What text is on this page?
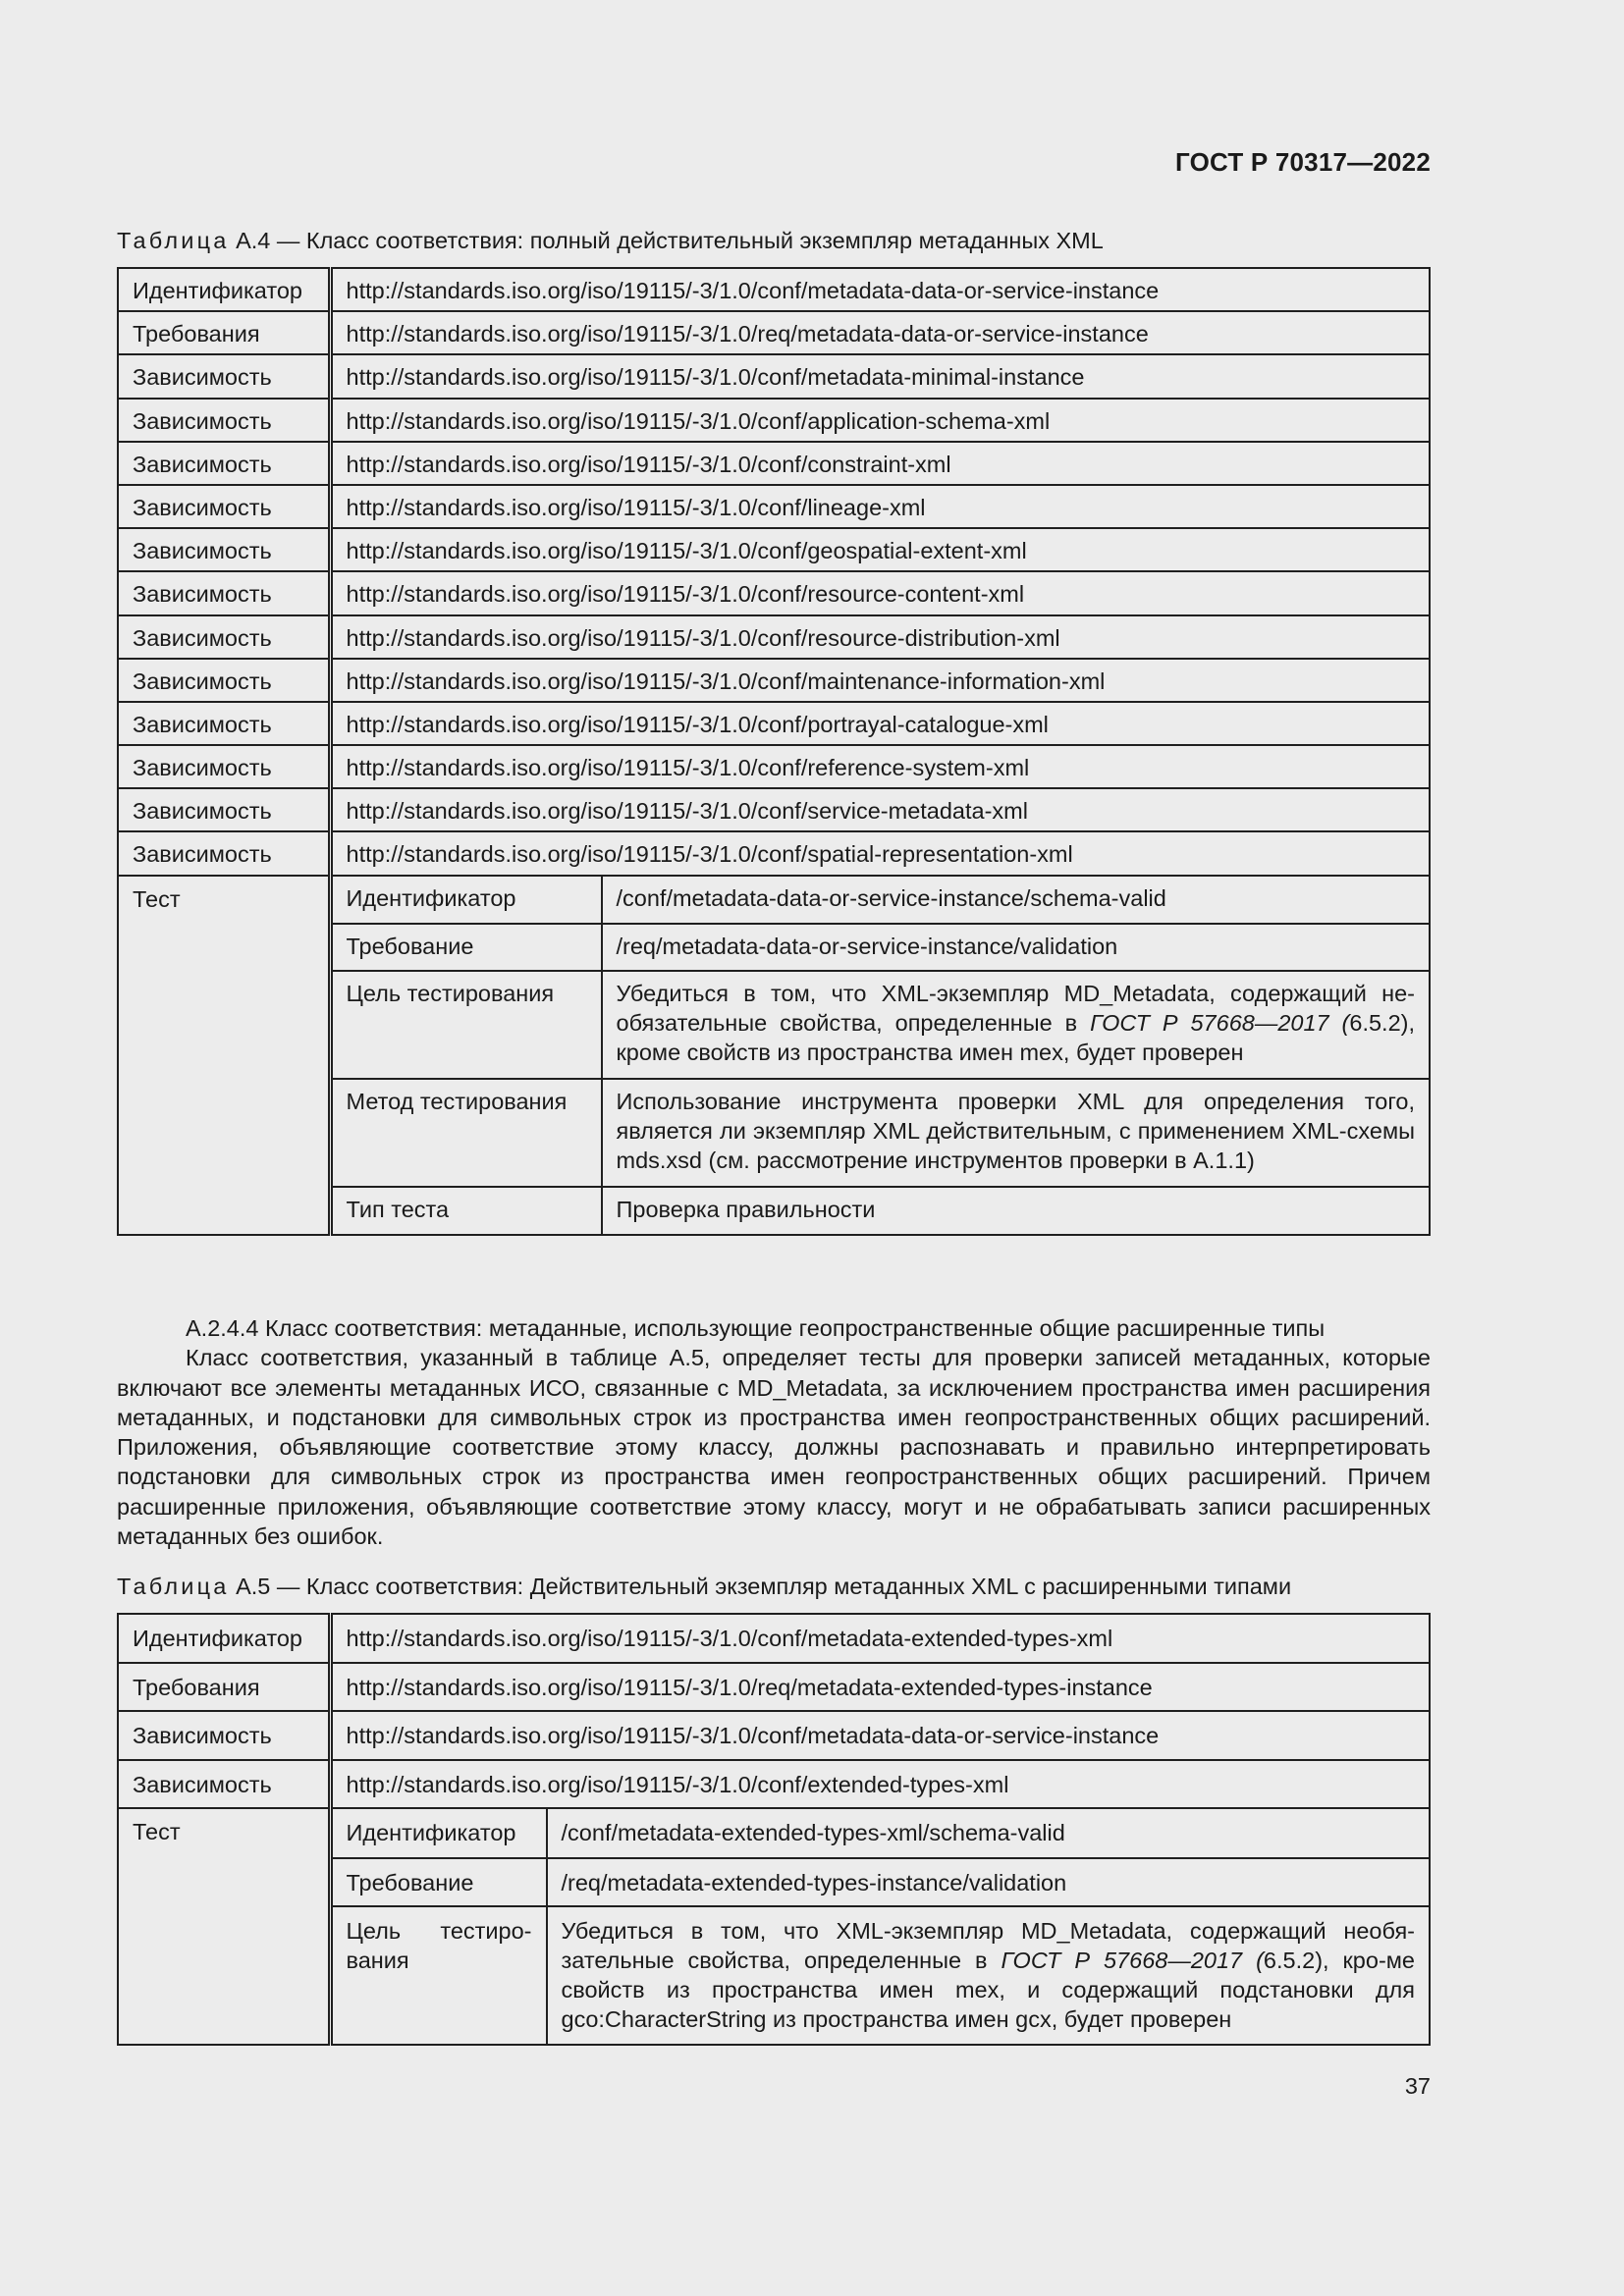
ГОСТ Р 70317—2022
Таблица А.4 — Класс соответствия: полный действительный экземпляр метаданных XML
Идентификатор	http://standards.iso.org/iso/19115/-3/1.0/conf/metadata-data-or-service-instance
Требования	http://standards.iso.org/iso/19115/-3/1.0/req/metadata-data-or-service-instance
Зависимость	http://standards.iso.org/iso/19115/-3/1.0/conf/metadata-minimal-instance
Зависимость	http://standards.iso.org/iso/19115/-3/1.0/conf/application-schema-xml
Зависимость	http://standards.iso.org/iso/19115/-3/1.0/conf/constraint-xml
Зависимость	http://standards.iso.org/iso/19115/-3/1.0/conf/lineage-xml
Зависимость	http://standards.iso.org/iso/19115/-3/1.0/conf/geospatial-extent-xml
Зависимость	http://standards.iso.org/iso/19115/-3/1.0/conf/resource-content-xml
Зависимость	http://standards.iso.org/iso/19115/-3/1.0/conf/resource-distribution-xml
Зависимость	http://standards.iso.org/iso/19115/-3/1.0/conf/maintenance-information-xml
Зависимость	http://standards.iso.org/iso/19115/-3/1.0/conf/portrayal-catalogue-xml
Зависимость	http://standards.iso.org/iso/19115/-3/1.0/conf/reference-system-xml
Зависимость	http://standards.iso.org/iso/19115/-3/1.0/conf/service-metadata-xml
Зависимость	http://standards.iso.org/iso/19115/-3/1.0/conf/spatial-representation-xml
Тест		Идентификатор	/conf/metadata-data-or-service-instance/schema-valid
Требование	/req/metadata-data-or-service-instance/validation
Цель тестирования	Убедиться в том, что XML-экземпляр MD_Metadata, содержащий не-обязательные свойства, определенные в ГОСТ Р 57668—2017 (6.5.2), кроме свойств из пространства имен mex, будет проверен
Метод тестирования	Использование инструмента проверки XML для определения того, является ли экземпляр XML действительным, с применением XML-схемы mds.xsd (см. рассмотрение инструментов проверки в А.1.1)
Тип теста	Проверка правильности

А.2.4.4 Класс соответствия: метаданные, использующие геопространственные общие расширенные типы

Класс соответствия, указанный в таблице А.5, определяет тесты для проверки записей метаданных, которые включают все элементы метаданных ИСО, связанные с MD_Metadata, за исключением пространства имен расширения метаданных, и подстановки для символьных строк из пространства имен геопространственных общих расширений. Приложения, объявляющие соответствие этому классу, должны распознавать и правильно интерпретировать подстановки для символьных строк из пространства имен геопространственных общих расширений. Причем расширенные приложения, объявляющие соответствие этому классу, могут и не обрабатывать записи расширенных метаданных без ошибок.

Таблица А.5 — Класс соответствия: Действительный экземпляр метаданных XML с расширенными типами
Идентификатор	http://standards.iso.org/iso/19115/-3/1.0/conf/metadata-extended-types-xml
Требования	http://standards.iso.org/iso/19115/-3/1.0/req/metadata-extended-types-instance
Зависимость	http://standards.iso.org/iso/19115/-3/1.0/conf/metadata-data-or-service-instance
Зависимость	http://standards.iso.org/iso/19115/-3/1.0/conf/extended-types-xml
Тест		Идентификатор	/conf/metadata-extended-types-xml/schema-valid
Требование	/req/metadata-extended-types-instance/validation
Цель тестиро-вания	Убедиться в том, что XML-экземпляр MD_Metadata, содержащий необя-зательные свойства, определенные в ГОСТ Р 57668—2017 (6.5.2), кро-ме свойств из пространства имен mex, и содержащий подстановки для gco:CharacterString из пространства имен gcx, будет проверен
37
